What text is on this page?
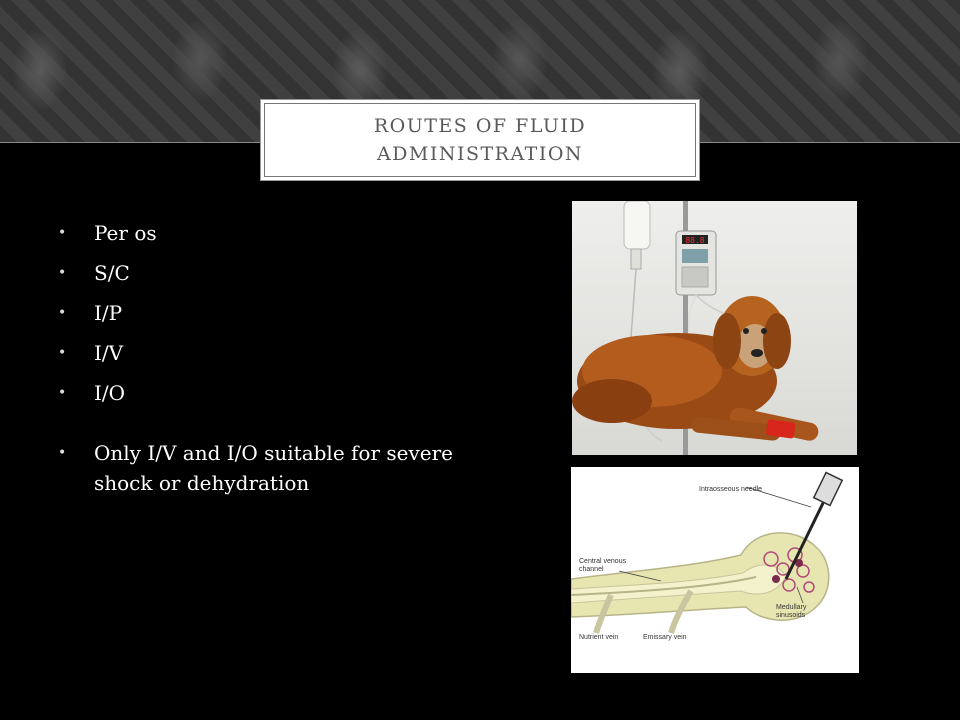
ROUTES OF FLUID ADMINISTRATION
• Per os
• S/C
• I/P
• I/V
• I/O
• Only I/V and I/O suitable for severe shock or dehydration
88.8
Intraosseous needle
Central venous
channel
Medullary
sinusoids
Nutrient vein	Emissary vein
